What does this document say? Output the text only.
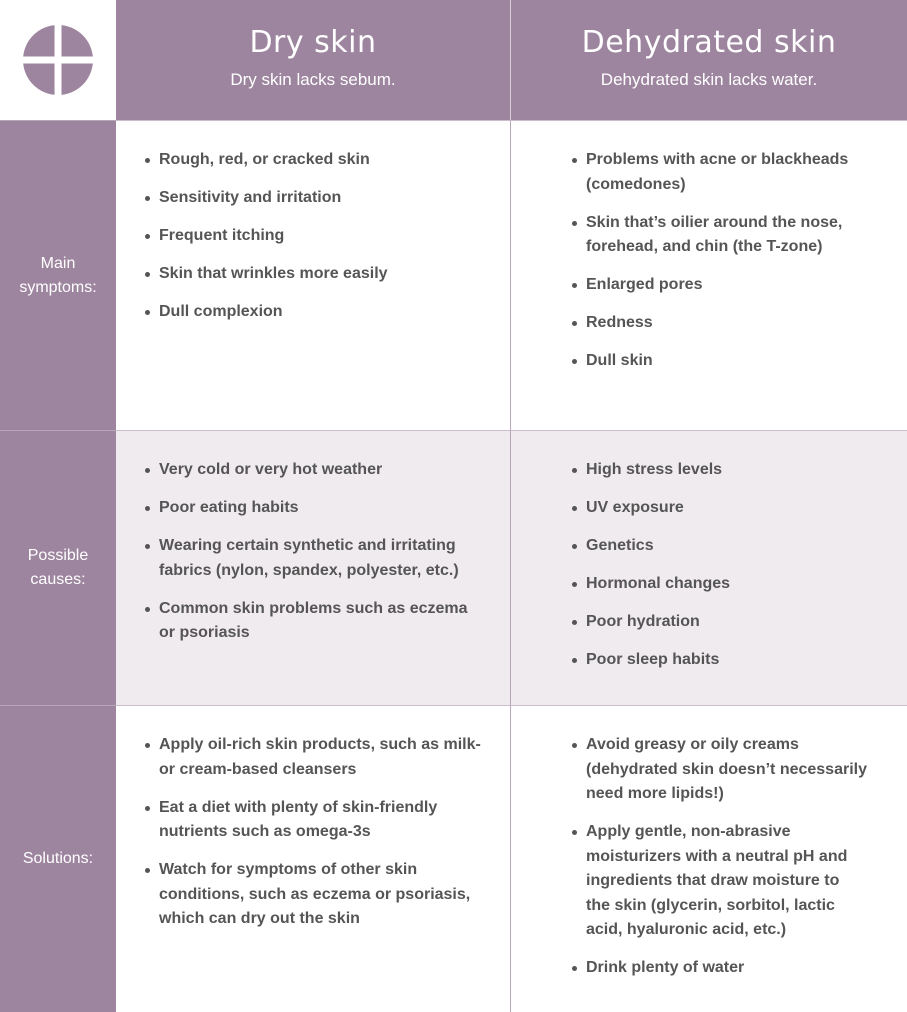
Dry skin
Dry skin lacks sebum.
Dehydrated skin
Dehydrated skin lacks water.
Main symptoms:
Rough, red, or cracked skin
Sensitivity and irritation
Frequent itching
Skin that wrinkles more easily
Dull complexion
Problems with acne or blackheads (comedones)
Skin that’s oilier around the nose, forehead, and chin (the T-zone)
Enlarged pores
Redness
Dull skin
Possible causes:
Very cold or very hot weather
Poor eating habits
Wearing certain synthetic and irritating fabrics (nylon, spandex, polyester, etc.)
Common skin problems such as eczema or psoriasis
High stress levels
UV exposure
Genetics
Hormonal changes
Poor hydration
Poor sleep habits
Solutions:
Apply oil-rich skin products, such as milk- or cream-based cleansers
Eat a diet with plenty of skin-friendly nutrients such as omega-3s
Watch for symptoms of other skin conditions, such as eczema or psoriasis, which can dry out the skin
Avoid greasy or oily creams (dehydrated skin doesn’t necessarily need more lipids!)
Apply gentle, non-abrasive moisturizers with a neutral pH and ingredients that draw moisture to the skin (glycerin, sorbitol, lactic acid, hyaluronic acid, etc.)
Drink plenty of water
